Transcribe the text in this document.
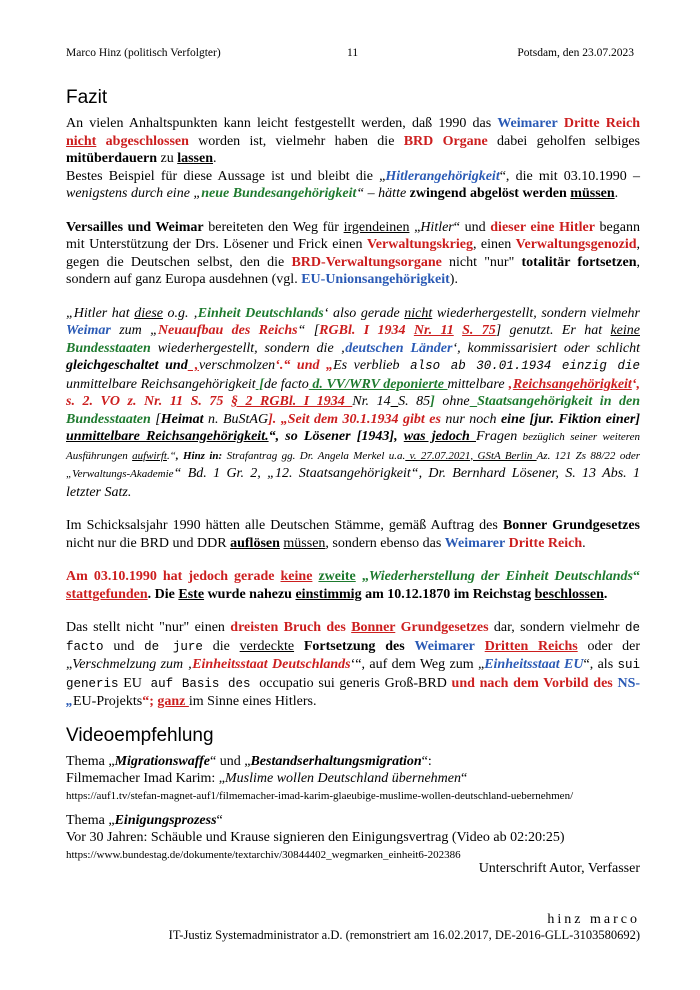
Marco Hinz (politisch Verfolgter)	11	Potsdam, den 23.07.2023
Fazit

An vielen Anhaltspunkten kann leicht festgestellt werden, daß 1990 das Weimarer Dritte Reich nicht abgeschlossen worden ist, vielmehr haben die BRD Organe dabei geholfen selbiges mitüberdauern zu lassen.

Bestes Beispiel für diese Aussage ist und bleibt die „Hitlerangehörigkeit“, die mit 03.10.1990 – wenigstens durch eine „neue Bundesangehörigkeit“ – hätte zwingend abgelöst werden müssen.

Versailles und Weimar bereiteten den Weg für irgendeinen „Hitler“ und dieser eine Hitler begann mit Unterstützung der Drs. Lösener und Frick einen Verwaltungskrieg, einen Verwaltungsgenozid, gegen die Deutschen selbst, den die BRD-Verwaltungsorgane nicht "nur" totalitär fortsetzen, sondern auf ganz Europa ausdehnen (vgl. EU-Unionsangehörigkeit).

„Hitler hat diese o.g. ‚Einheit Deutschlands‘ also gerade nicht wiederhergestellt, sondern vielmehr Weimar zum „Neuaufbau des Reichs“ [RGBl. I 1934 Nr. 11 S. 75] genutzt. Er hat keine Bundesstaaten wiederhergestellt, sondern die ‚deutschen Länder‘, kommissarisiert oder schlicht gleichgeschaltet und ‚verschmolzen‘.“ und „Es verblieb also ab 30.01.1934 einzig die unmittelbare Reichsangehörigkeit [de facto d. VV/WRV deponierte mittelbare ‚Reichsangehörigkeit‘, s. 2. VO z. Nr. 11 S. 75 § 2 RGBl. I 1934 Nr. 14 S. 85] ohne Staatsangehörigkeit in den Bundesstaaten [Heimat n. BuStAG]. „Seit dem 30.1.1934 gibt es nur noch eine [jur. Fiktion einer] unmittelbare Reichsangehörigkeit.“, so Lösener [1943], was jedoch Fragen bezüglich seiner weiteren Ausführungen aufwirft.“, Hinz in: Strafantrag gg. Dr. Angela Merkel u.a. v. 27.07.2021, GStA Berlin Az. 121 Zs 88/22 oder „Verwaltungs-Akademie“ Bd. 1 Gr. 2, „12. Staatsangehörigkeit“, Dr. Bernhard Lösener, S. 13 Abs. 1 letzter Satz.

Im Schicksalsjahr 1990 hätten alle Deutschen Stämme, gemäß Auftrag des Bonner Grundgesetzes nicht nur die BRD und DDR auflösen müssen, sondern ebenso das Weimarer Dritte Reich.

Am 03.10.1990 hat jedoch gerade keine zweite „Wiederherstellung der Einheit Deutschlands“ stattgefunden. Die Este wurde nahezu einstimmig am 10.12.1870 im Reichstag beschlossen.

Das stellt nicht "nur" einen dreisten Bruch des Bonner Grundgesetzes dar, sondern vielmehr de facto und de jure die verdeckte Fortsetzung des Weimarer Dritten Reichs oder der „Verschmelzung zum ‚Einheitsstaat Deutschlands‘“, auf dem Weg zum „Einheitsstaat EU“, als sui generis EU auf Basis des occupatio sui generis Groß-BRD und nach dem Vorbild des NS-„EU-Projekts“; ganz im Sinne eines Hitlers.

Videoempfehlung

Thema „Migrationswaffe“ und „Bestandserhaltungsmigration“:

Filmemacher Imad Karim: „Muslime wollen Deutschland übernehmen“

https://auf1.tv/stefan-magnet-auf1/filmemacher-imad-karim-glaeubige-muslime-wollen-deutschland-uebernehmen/

Thema „Einigungsprozess“

Vor 30 Jahren: Schäuble und Krause signieren den Einigungsvertrag (Video ab 02:20:25)

https://www.bundestag.de/dokumente/textarchiv/30844402_wegmarken_einheit6-202386

Unterschrift Autor, Verfasser
hinz marco
IT-Justiz Systemadministrator a.D. (remonstriert am 16.02.2017, DE-2016-GLL-3103580692)
